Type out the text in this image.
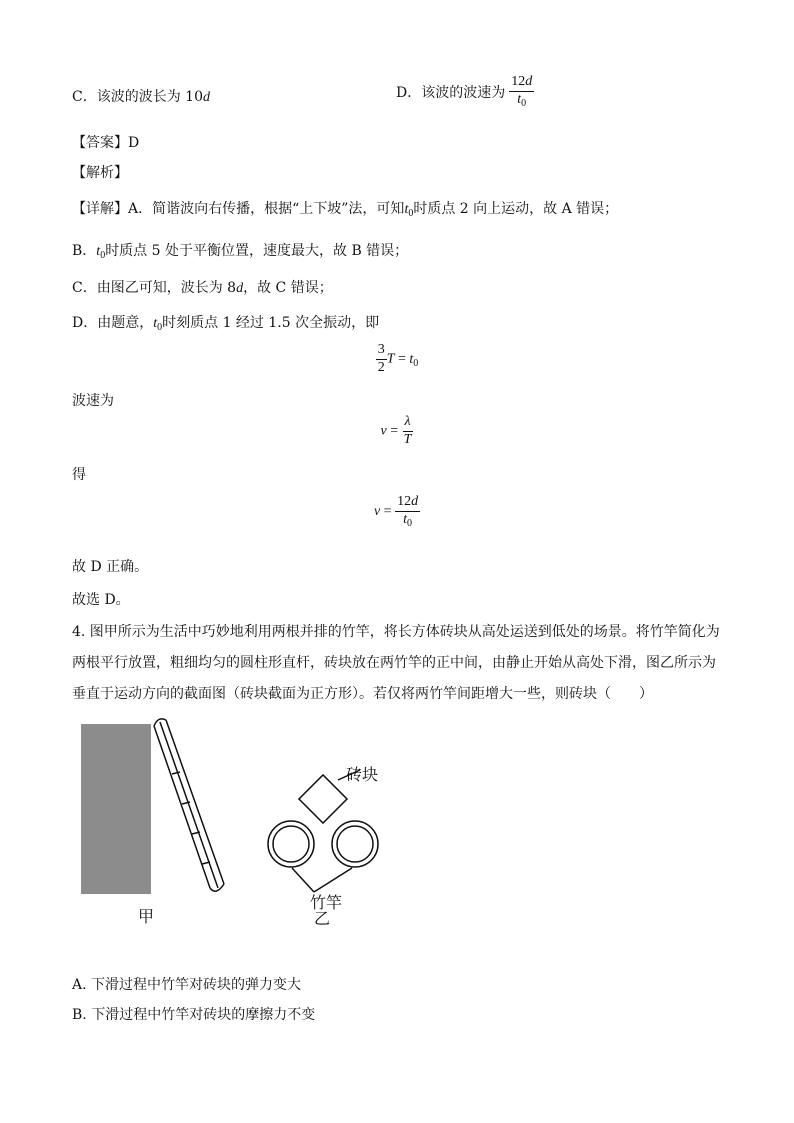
C．该波的波长为 10d	D．该波的波速为 $\frac{12d}{t_0}$
【答案】D
【解析】
【详解】A．简谐波向右传播，根据“上下坡”法，可知$t_0$时质点 2 向上运动，故 A 错误；
B．$t_0$时质点 5 处于平衡位置，速度最大，故 B 错误；
C．由图乙可知，波长为 8d，故 C 错误；
D．由题意，$t_0$时刻质点 1 经过 1.5 次全振动，即
$\frac{3}{2}$ $T = t_0$
波速为
$v = \frac{\lambda}{T}$
得
$v = \frac{12d}{t_0}$
故 D 正确。
故选 D。
4. 图甲所示为生活中巧妙地利用两根并排的竹竿，将长方体砖块从高处运送到低处的场景。将竹竿简化为
两根平行放置，粗细均匀的圆柱形直杆，砖块放在两竹竿的正中间，由静止开始从高处下滑，图乙所示为
垂直于运动方向的截面图（砖块截面为正方形）。若仅将两竹竿间距增大一些，则砖块（　　）
甲
砖块
竹竿
乙
A. 下滑过程中竹竿对砖块的弹力变大
B. 下滑过程中竹竿对砖块的摩擦力不变
